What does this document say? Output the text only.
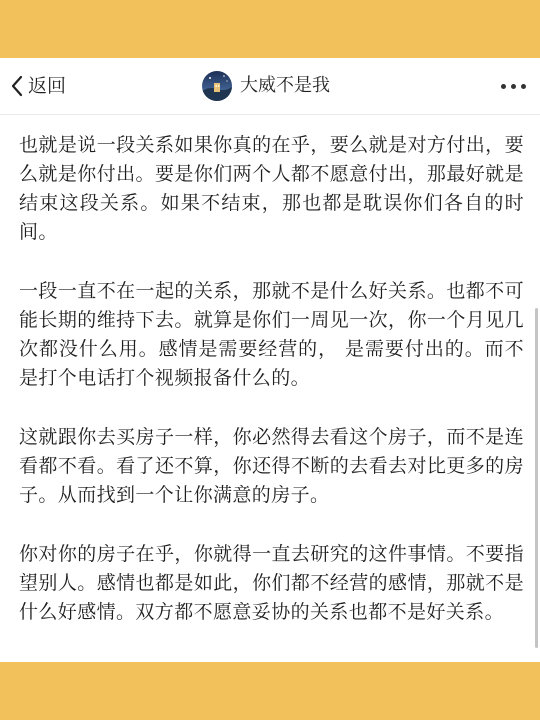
返回	大威不是我

也就是说一段关系如果你真的在乎，要么就是对方付出，要么就是你付出。要是你们两个人都不愿意付出，那最好就是结束这段关系。如果不结束，那也都是耽误你们各自的时间。

一段一直不在一起的关系，那就不是什么好关系。也都不可能长期的维持下去。就算是你们一周见一次，你一个月见几次都没什么用。感情是需要经营的， 是需要付出的。而不是打个电话打个视频报备什么的。

这就跟你去买房子一样，你必然得去看这个房子，而不是连看都不看。看了还不算，你还得不断的去看去对比更多的房子。从而找到一个让你满意的房子。

你对你的房子在乎，你就得一直去研究的这件事情。不要指望别人。感情也都是如此，你们都不经营的感情，那就不是什么好感情。双方都不愿意妥协的关系也都不是好关系。
